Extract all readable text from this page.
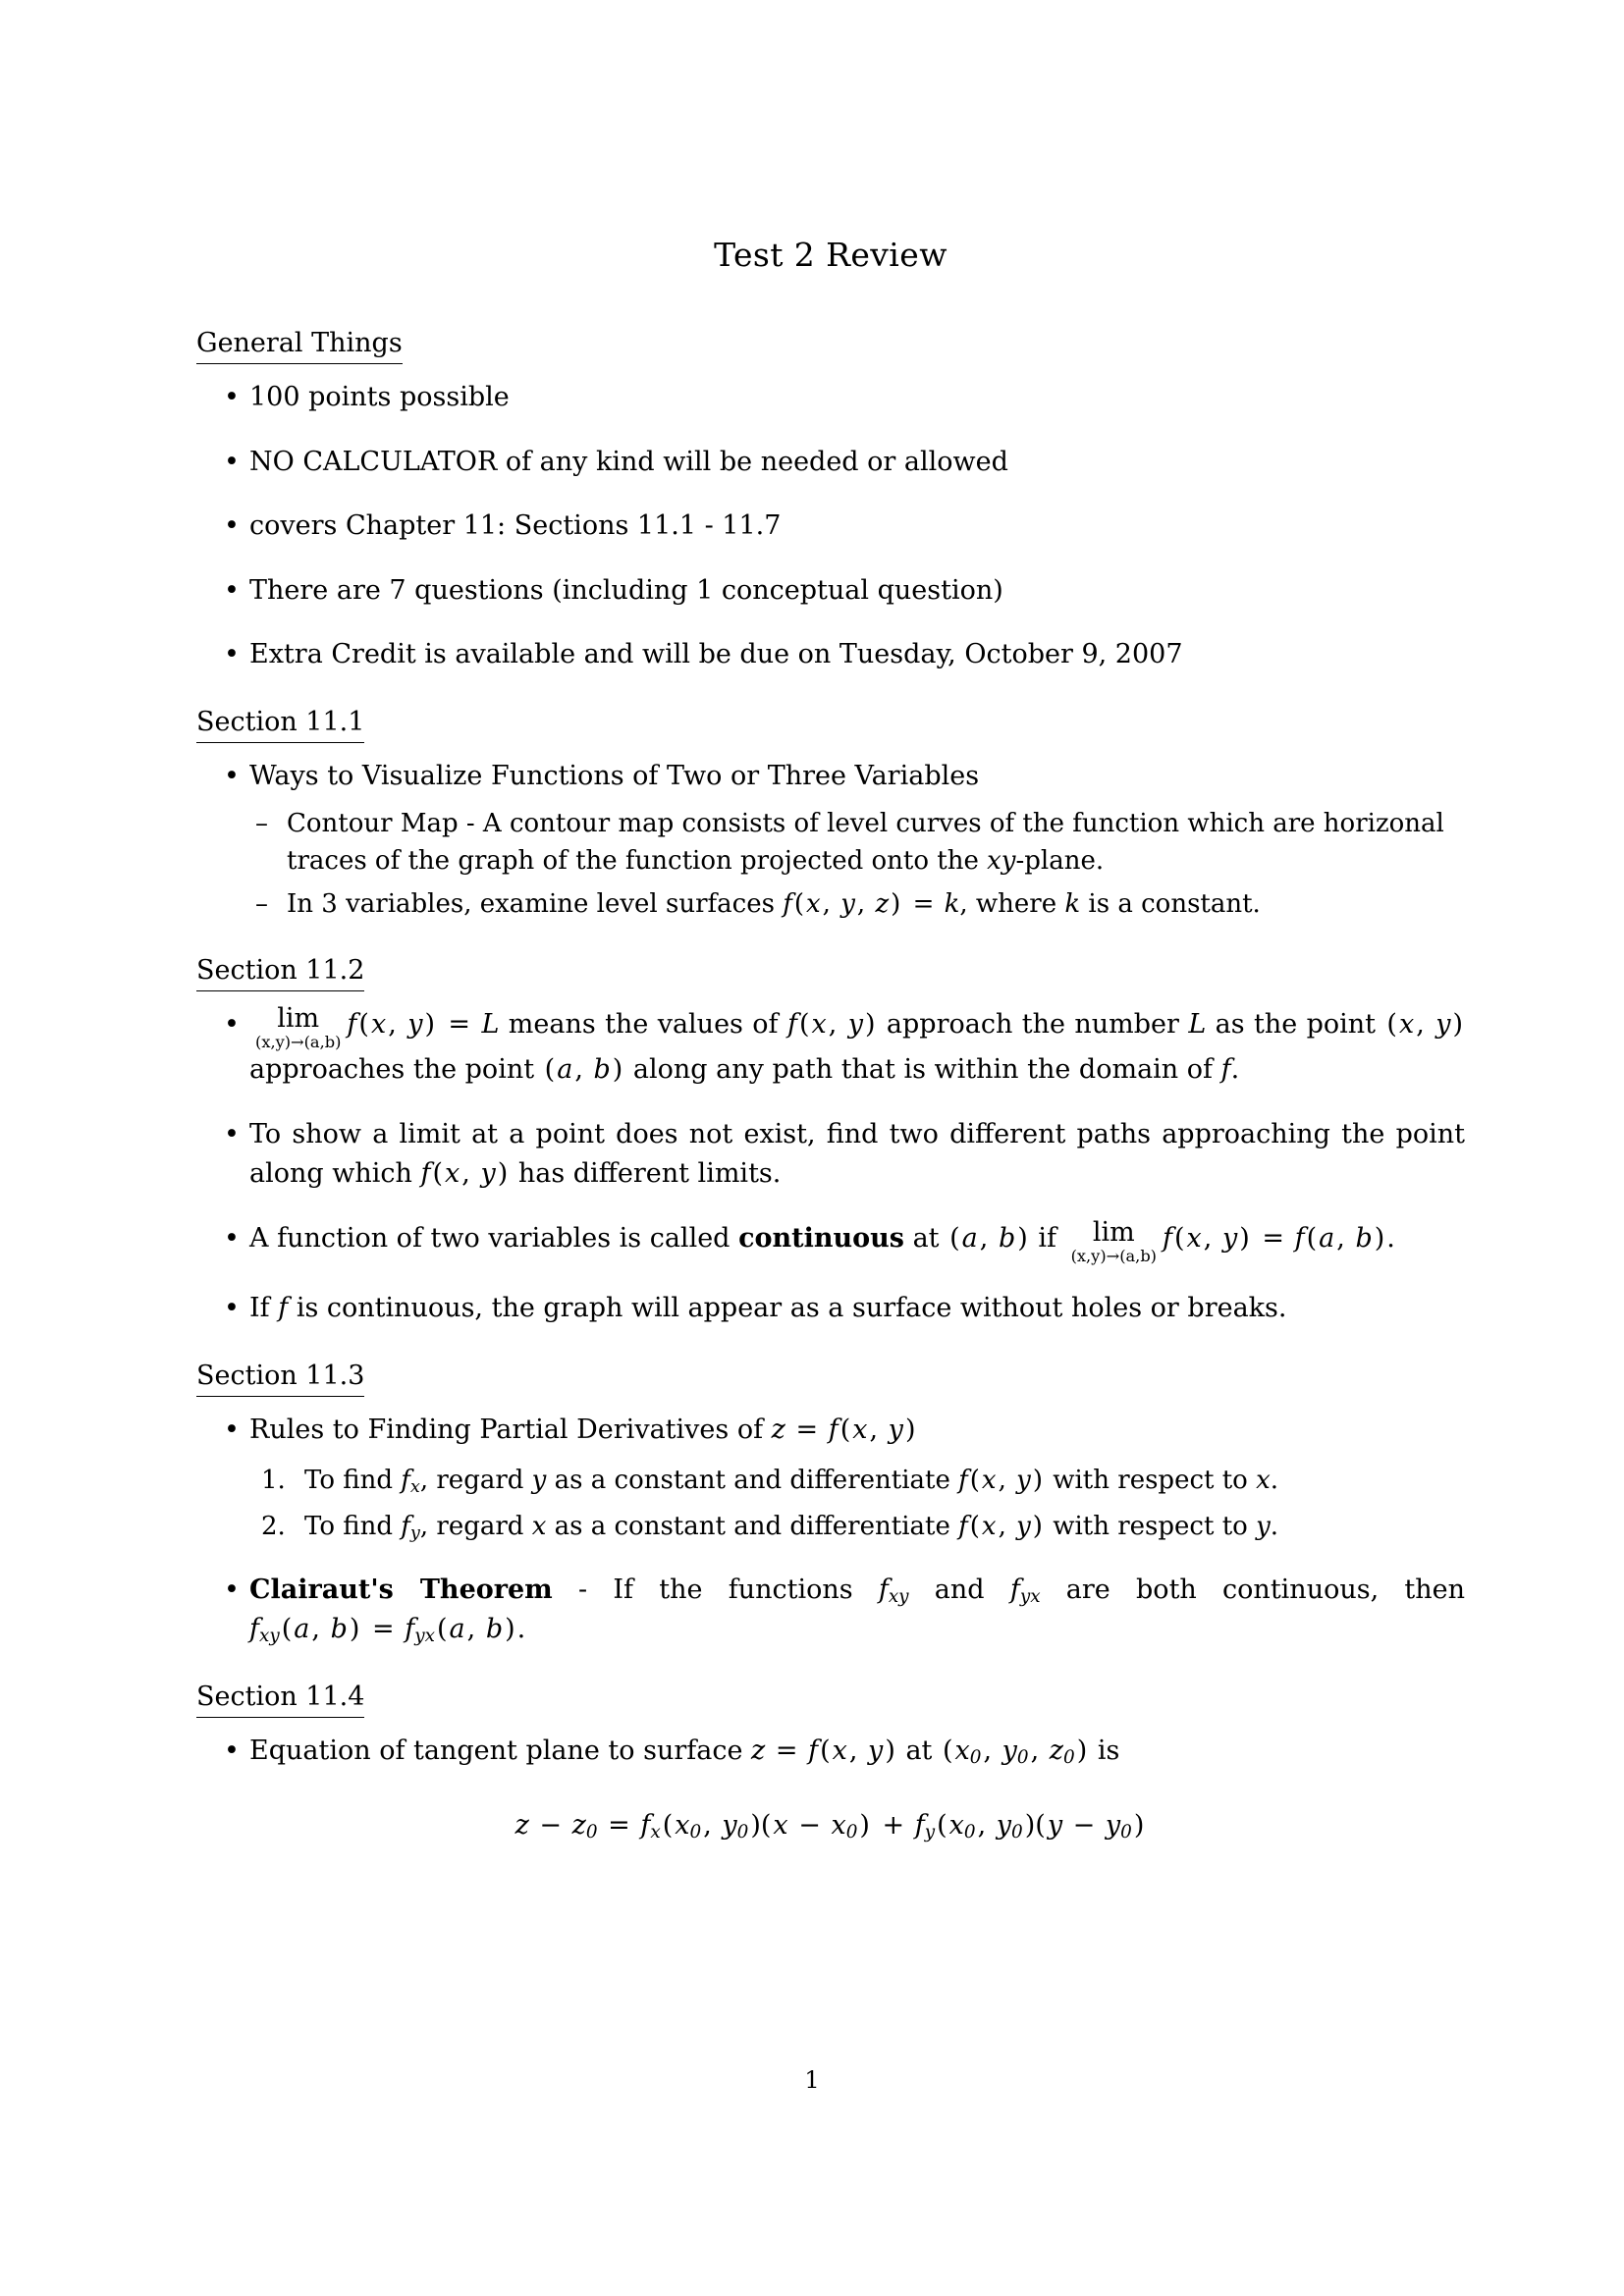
Test 2 Review
General Things
• 100 points possible
• NO CALCULATOR of any kind will be needed or allowed
• covers Chapter 11: Sections 11.1 - 11.7
• There are 7 questions (including 1 conceptual question)
• Extra Credit is available and will be due on Tuesday, October 9, 2007
Section 11.1
• Ways to Visualize Functions of Two or Three Variables
– Contour Map - A contour map consists of level curves of the function which are horizonal traces of the graph of the function projected onto the xy-plane.
– In 3 variables, examine level surfaces f(x, y, z) = k, where k is a constant.
Section 11.2
•	lim
(x,y)→(a,b)
f(x, y) = L means the values of f(x, y) approach the number L as the point (x, y) approaches the point (a, b) along any path that is within the domain of f.
• To show a limit at a point does not exist, find two different paths approaching the point along which f(x, y) has different limits.
• A function of two variables is called continuous at (a, b) if	lim
(x,y)→(a,b)
f(x, y) = f(a, b).
• If f is continuous, the graph will appear as a surface without holes or breaks.
Section 11.3
• Rules to Finding Partial Derivatives of z = f(x, y)
1. To find $f_x$, regard y as a constant and differentiate f(x, y) with respect to x.
2. To find $f_y$, regard x as a constant and differentiate f(x, y) with respect to y.
• Clairaut's Theorem - If the functions $f_{xy}$ and $f_{yx}$ are both continuous, then $f_{xy}(a$, $b) = f_{yx}(a$, b).
Section 11.4
• Equation of tangent plane to surface z = f(x, y) at ($x_0$, $y_0$, $z_0$) is
$z - z_0 = f_x(x_0$, $y_0)(x - x_0) + f_y(x_0$, $y_0)(y - y_0)$
1
